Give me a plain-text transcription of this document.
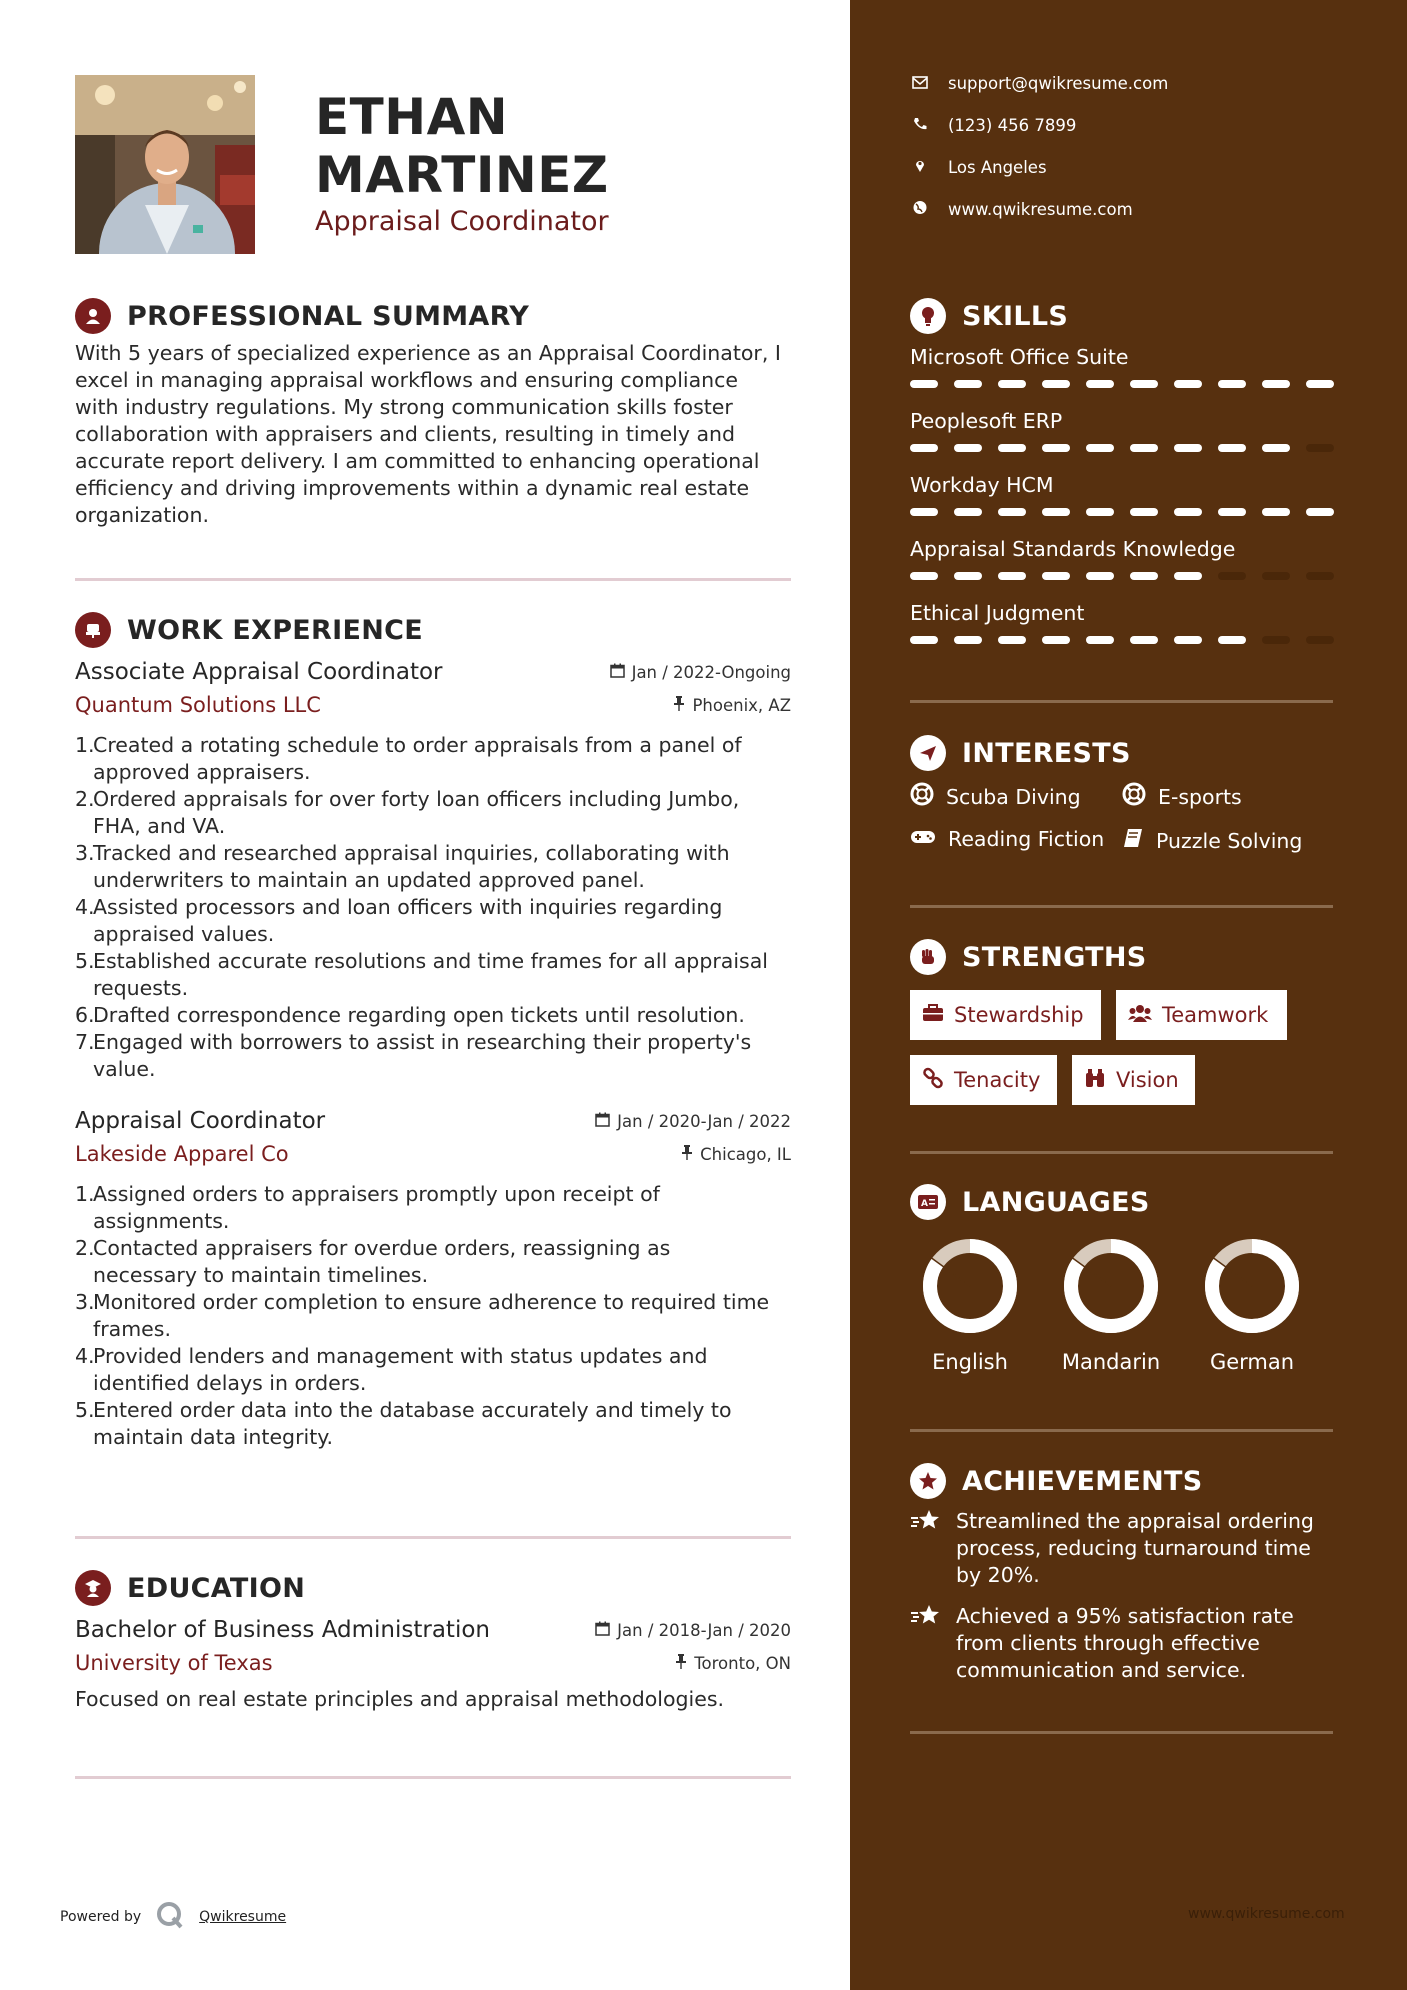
ETHAN
MARTINEZ
Appraisal Coordinator
PROFESSIONAL SUMMARY
With 5 years of specialized experience as an Appraisal Coordinator, I
excel in managing appraisal workflows and ensuring compliance
with industry regulations. My strong communication skills foster
collaboration with appraisers and clients, resulting in timely and
accurate report delivery. I am committed to enhancing operational
efficiency and driving improvements within a dynamic real estate
organization.
WORK EXPERIENCE
Associate Appraisal Coordinator	Jan / 2022-Ongoing
Quantum Solutions LLC	Phoenix, AZ
Created a rotating schedule to order appraisals from a panel of
approved appraisers.
Ordered appraisals for over forty loan officers including Jumbo,
FHA, and VA.
Tracked and researched appraisal inquiries, collaborating with
underwriters to maintain an updated approved panel.
Assisted processors and loan officers with inquiries regarding
appraised values.
Established accurate resolutions and time frames for all appraisal
requests.
Drafted correspondence regarding open tickets until resolution.
Engaged with borrowers to assist in researching their property's
value.
Appraisal Coordinator	Jan / 2020-Jan / 2022
Lakeside Apparel Co	Chicago, IL
Assigned orders to appraisers promptly upon receipt of
assignments.
Contacted appraisers for overdue orders, reassigning as
necessary to maintain timelines.
Monitored order completion to ensure adherence to required time
frames.
Provided lenders and management with status updates and
identified delays in orders.
Entered order data into the database accurately and timely to
maintain data integrity.
EDUCATION
Bachelor of Business Administration	Jan / 2018-Jan / 2020
University of Texas	Toronto, ON
Focused on real estate principles and appraisal methodologies.
Powered by	Qwikresume
support@qwikresume.com
(123) 456 7899
Los Angeles
www.qwikresume.com
SKILLS
Microsoft Office Suite
Peoplesoft ERP
Workday HCM
Appraisal Standards Knowledge
Ethical Judgment
INTERESTS
Scuba Diving	E-sports
Reading Fiction	Puzzle Solving
STRENGTHS
Stewardship	Teamwork
Tenacity	Vision
A LANGUAGES
English	Mandarin	German
ACHIEVEMENTS
Streamlined the appraisal ordering
process, reducing turnaround time
by 20%.
Achieved a 95% satisfaction rate
from clients through effective
communication and service.
www.qwikresume.com
